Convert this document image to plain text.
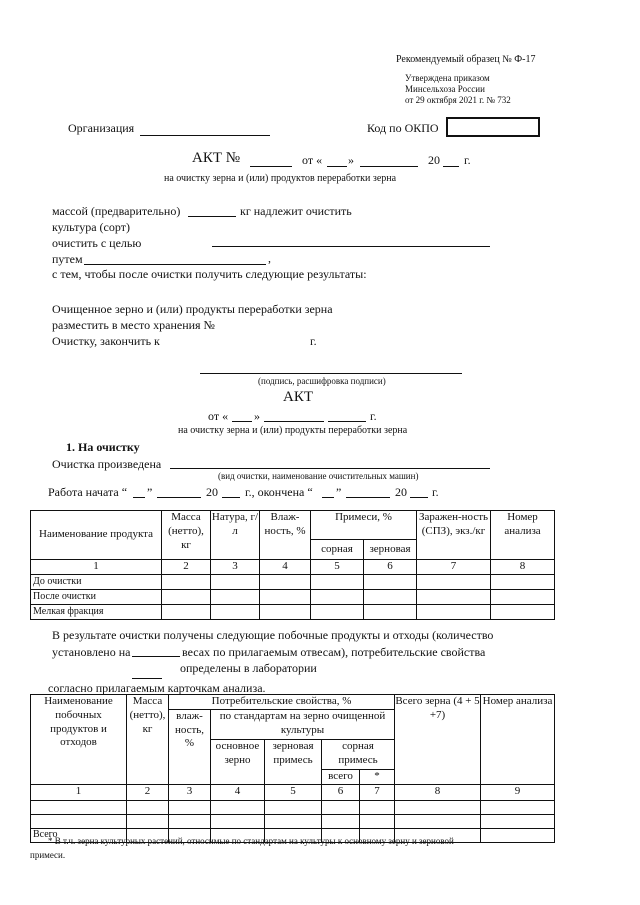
Рекомендуемый образец № Ф-17
Утверждена приказом
Минсельхоза России
от 29 октября 2021 г. № 732
Организация	Код по ОКПО
АКТ №	от « »	20 г.
на очистку зерна и (или) продуктов переработки зерна
массой (предварительно)	кг надлежит очистить
культура (сорт)
очистить с целью
путем	,
с тем, чтобы после очистки получить следующие результаты:
Очищенное зерно и (или) продукты переработки зерна
разместить в место хранения №
Очистку, закончить к	г.
(подпись, расшифровка подписи)
АКТ
от « »	г.
на очистку зерна и (или) продукты переработки зерна
1. На очистку
Очистка произведена
(вид очистки, наименование очистительных машин)
Работа начата “ ”	20 г., окончена “ ”	20 г.
Наименование продукта	Масса (нетто), кг	Натура, г/л	Влаж-ность, %	Примеси, %		Заражен-ность (СПЗ), экз./кг	Номер анализа
				сорная	зерновая		
1	2	3	4	5	6	7	8
До очистки							
После очистки							
Мелкая фракция							
В результате очистки получены следующие побочные продукты и отходы (количество
установлено на	весах по прилагаемым отвесам), потребительские свойства
определены в лаборатории
согласно прилагаемым карточкам анализа.
Наименование побочных продуктов и отходов	Масса (нетто), кг	Потребительские свойства, %					Всего зерна (4 + 5 +7)	Номер анализа
		влаж-ность, %	по стандартам на зерно очищенной культуры					
			основное зерно	зерновая примесь	сорная примесь			
					всего	*		
1	2	3	4	5	6	7	8	9

Всего								
* В т.ч. зерна культурных растений, относимые по стандартам на культуры к основному зерну и зерновой
примеси.
